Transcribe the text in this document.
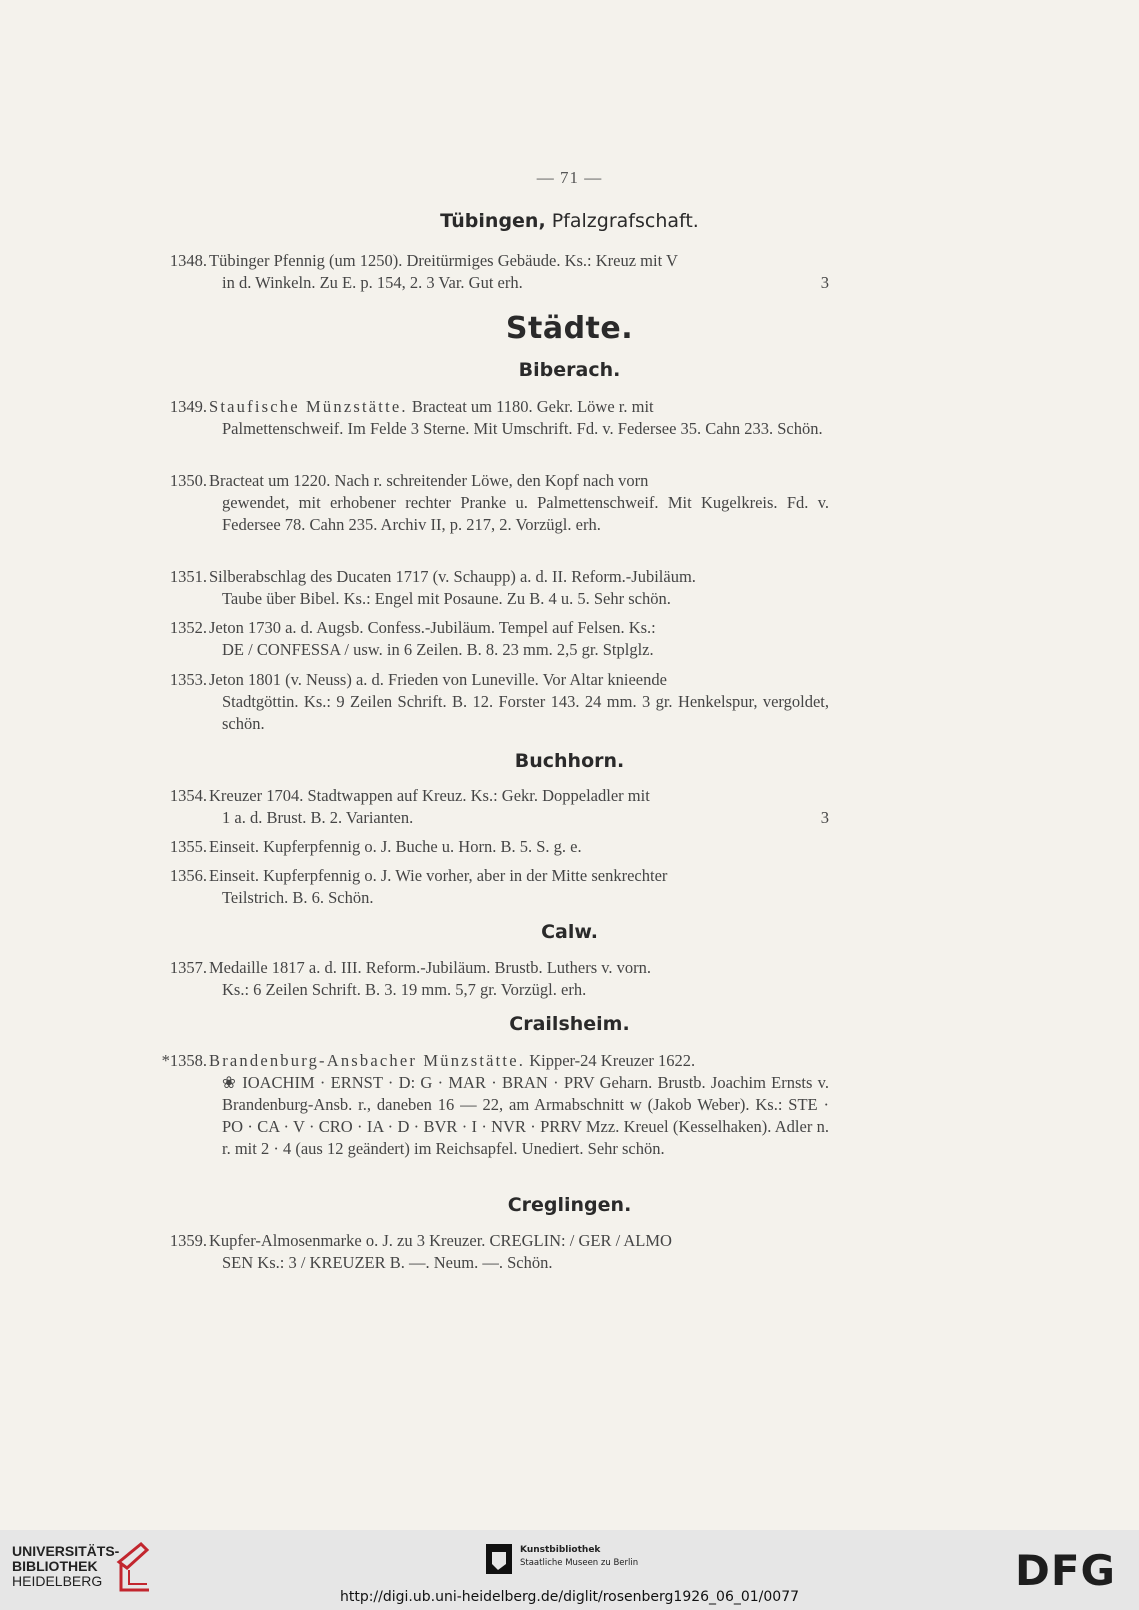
— 71 —
Tübingen, Pfalzgrafschaft.
1348. Tübinger Pfennig (um 1250). Dreitürmiges Gebäude. Ks.: Kreuz mit V
in d. Winkeln. Zu E. p. 154, 2. 3 Var. Gut erh.	3
Städte.
Biberach.
1349. Staufische Münzstätte. Bracteat um 1180. Gekr. Löwe r. mit
Palmettenschweif. Im Felde 3 Sterne. Mit Umschrift. Fd. v. Federsee 35. Cahn 233. Schön.
1350. Bracteat um 1220. Nach r. schreitender Löwe, den Kopf nach vorn
gewendet, mit erhobener rechter Pranke u. Palmettenschweif. Mit Kugelkreis. Fd. v. Federsee 78. Cahn 235. Archiv II, p. 217, 2. Vorzügl. erh.
1351. Silberabschlag des Ducaten 1717 (v. Schaupp) a. d. II. Reform.-Jubiläum.
Taube über Bibel. Ks.: Engel mit Posaune. Zu B. 4 u. 5. Sehr schön.
1352. Jeton 1730 a. d. Augsb. Confess.-Jubiläum. Tempel auf Felsen. Ks.:
DE / CONFESSA / usw. in 6 Zeilen. B. 8. 23 mm. 2,5 gr. Stplglz.
1353. Jeton 1801 (v. Neuss) a. d. Frieden von Luneville. Vor Altar knieende
Stadtgöttin. Ks.: 9 Zeilen Schrift. B. 12. Forster 143. 24 mm. 3 gr. Henkelspur, vergoldet, schön.
Buchhorn.
1354. Kreuzer 1704. Stadtwappen auf Kreuz. Ks.: Gekr. Doppeladler mit
1 a. d. Brust. B. 2. Varianten.	3
1355. Einseit. Kupferpfennig o. J. Buche u. Horn. B. 5. S. g. e.
1356. Einseit. Kupferpfennig o. J. Wie vorher, aber in der Mitte senkrechter
Teilstrich. B. 6. Schön.
Calw.
1357. Medaille 1817 a. d. III. Reform.-Jubiläum. Brustb. Luthers v. vorn.
Ks.: 6 Zeilen Schrift. B. 3. 19 mm. 5,7 gr. Vorzügl. erh.
Crailsheim.
*1358. Brandenburg-Ansbacher Münzstätte. Kipper-24 Kreuzer 1622.
❀ IOACHIM · ERNST · D: G · MAR · BRAN · PRV Geharn. Brustb. Joachim Ernsts v. Brandenburg-Ansb. r., daneben 16 — 22, am Armabschnitt w (Jakob Weber). Ks.: STE · PO · CA · V · CRO · IA · D · BVR · I · NVR · PRRV Mzz. Kreuel (Kesselhaken). Adler n. r. mit 2 · 4 (aus 12 geändert) im Reichsapfel. Unediert. Sehr schön.
Creglingen.
1359. Kupfer-Almosenmarke o. J. zu 3 Kreuzer. CREGLIN: / GER / ALMO
SEN Ks.: 3 / KREUZER B. —. Neum. —. Schön.
UNIVERSITÄTS-
BIBLIOTHEK
HEIDELBERG
Kunstbibliothek
Staatliche Museen zu Berlin	DFG
http://digi.ub.uni-heidelberg.de/diglit/rosenberg1926_06_01/0077
